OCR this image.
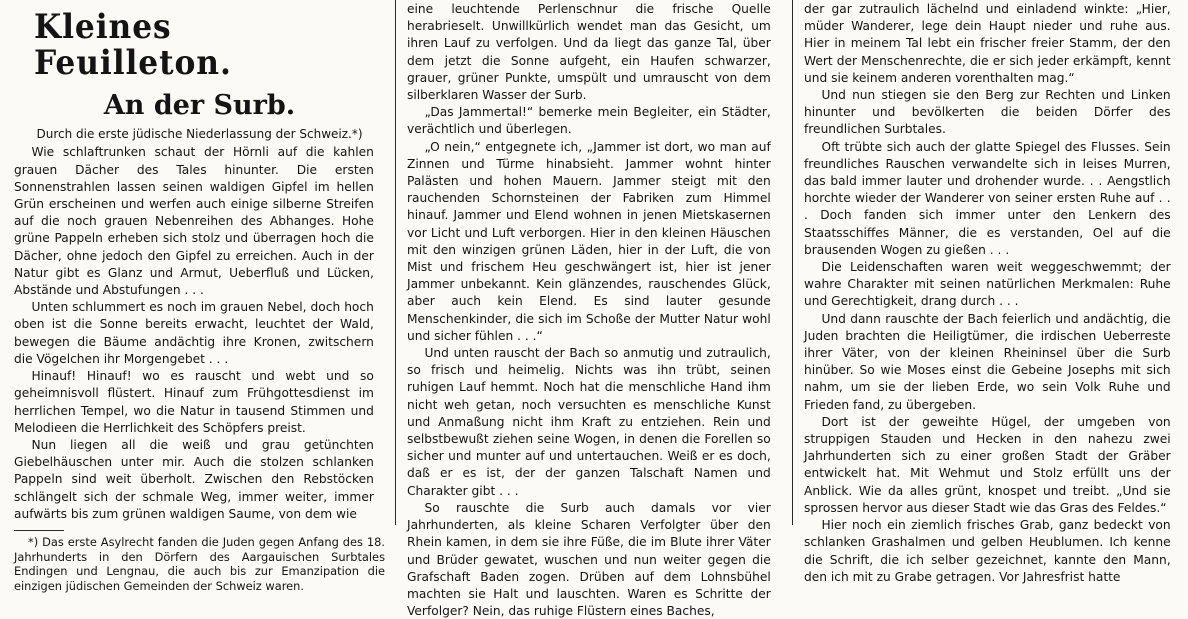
Kleines Feuilleton.
An der Surb.
Durch die erste jüdische Niederlassung der Schweiz.*)

Wie schlaftrunken schaut der Hörnli auf die kahlen grauen Dächer des Tales hinunter. Die ersten Sonnenstrahlen lassen seinen waldigen Gipfel im hellen Grün erscheinen und werfen auch einige silberne Streifen auf die noch grauen Nebenreihen des Abhanges. Hohe grüne Pappeln erheben sich stolz und überragen hoch die Dächer, ohne jedoch den Gipfel zu erreichen. Auch in der Natur gibt es Glanz und Armut, Ueberfluß und Lücken, Abstände und Abstufungen . . .

Unten schlummert es noch im grauen Nebel, doch hoch oben ist die Sonne bereits erwacht, leuchtet der Wald, bewegen die Bäume andächtig ihre Kronen, zwitschern die Vögelchen ihr Morgengebet . . .

Hinauf! Hinauf! wo es rauscht und webt und so geheimnisvoll flüstert. Hinauf zum Frühgottesdienst im herrlichen Tempel, wo die Natur in tausend Stimmen und Melodieen die Herrlichkeit des Schöpfers preist.

Nun liegen all die weiß und grau getünchten Giebelhäuschen unter mir. Auch die stolzen schlanken Pappeln sind weit überholt. Zwischen den Rebstöcken schlängelt sich der schmale Weg, immer weiter, immer aufwärts bis zum grünen waldigen Saume, von dem wie

*) Das erste Asylrecht fanden die Juden gegen Anfang des 18. Jahrhunderts in den Dörfern des Aargauischen Surbtales Endingen und Lengnau, die auch bis zur Emanzipation die einzigen jüdischen Gemeinden der Schweiz waren.

eine leuchtende Perlenschnur die frische Quelle herabrieselt. Unwillkürlich wendet man das Gesicht, um ihren Lauf zu verfolgen. Und da liegt das ganze Tal, über dem jetzt die Sonne aufgeht, ein Haufen schwarzer, grauer, grüner Punkte, umspült und umrauscht von dem silberklaren Wasser der Surb.

„Das Jammertal!“ bemerke mein Begleiter, ein Städter, verächtlich und überlegen.

„O nein,“ entgegnete ich, „Jammer ist dort, wo man auf Zinnen und Türme hinabsieht. Jammer wohnt hinter Palästen und hohen Mauern. Jammer steigt mit den rauchenden Schornsteinen der Fabriken zum Himmel hinauf. Jammer und Elend wohnen in jenen Mietskasernen vor Licht und Luft verborgen. Hier in den kleinen Häuschen mit den winzigen grünen Läden, hier in der Luft, die von Mist und frischem Heu geschwängert ist, hier ist jener Jammer unbekannt. Kein glänzendes, rauschendes Glück, aber auch kein Elend. Es sind lauter gesunde Menschenkinder, die sich im Schoße der Mutter Natur wohl und sicher fühlen . . .“

Und unten rauscht der Bach so anmutig und zutraulich, so frisch und heimelig. Nichts was ihn trübt, seinen ruhigen Lauf hemmt. Noch hat die menschliche Hand ihm nicht weh getan, noch versuchten es menschliche Kunst und Anmaßung nicht ihm Kraft zu entziehen. Rein und selbstbewußt ziehen seine Wogen, in denen die Forellen so sicher und munter auf und untertauchen. Weiß er es doch, daß er es ist, der der ganzen Talschaft Namen und Charakter gibt . . .

So rauschte die Surb auch damals vor vier Jahrhunderten, als kleine Scharen Verfolgter über den Rhein kamen, in dem sie ihre Füße, die im Blute ihrer Väter und Brüder gewatet, wuschen und nun weiter gegen die Grafschaft Baden zogen. Drüben auf dem Lohnsbühel machten sie Halt und lauschten. Waren es Schritte der Verfolger? Nein, das ruhige Flüstern eines Baches,

der gar zutraulich lächelnd und einladend winkte: „Hier, müder Wanderer, lege dein Haupt nieder und ruhe aus. Hier in meinem Tal lebt ein frischer freier Stamm, der den Wert der Menschenrechte, die er sich jeder erkämpft, kennt und sie keinem anderen vorenthalten mag.“

Und nun stiegen sie den Berg zur Rechten und Linken hinunter und bevölkerten die beiden Dörfer des freundlichen Surbtales.

Oft trübte sich auch der glatte Spiegel des Flusses. Sein freundliches Rauschen verwandelte sich in leises Murren, das bald immer lauter und drohender wurde. . . Aengstlich horchte wieder der Wanderer von seiner ersten Ruhe auf . . . Doch fanden sich immer unter den Lenkern des Staatsschiffes Männer, die es verstanden, Oel auf die brausenden Wogen zu gießen . . .

Die Leidenschaften waren weit weggeschwemmt; der wahre Charakter mit seinen natürlichen Merkmalen: Ruhe und Gerechtigkeit, drang durch . . .

Und dann rauschte der Bach feierlich und andächtig, die Juden brachten die Heiligtümer, die irdischen Ueberreste ihrer Väter, von der kleinen Rheininsel über die Surb hinüber. So wie Moses einst die Gebeine Josephs mit sich nahm, um sie der lieben Erde, wo sein Volk Ruhe und Frieden fand, zu übergeben.

Dort ist der geweihte Hügel, der umgeben von struppigen Stauden und Hecken in den nahezu zwei Jahrhunderten sich zu einer großen Stadt der Gräber entwickelt hat. Mit Wehmut und Stolz erfüllt uns der Anblick. Wie da alles grünt, knospet und treibt. „Und sie sprossen hervor aus dieser Stadt wie das Gras des Feldes.“

Hier noch ein ziemlich frisches Grab, ganz bedeckt von schlanken Grashalmen und gelben Heublumen. Ich kenne die Schrift, die ich selber gezeichnet, kannte den Mann, den ich mit zu Grabe getragen. Vor Jahresfrist hatte
